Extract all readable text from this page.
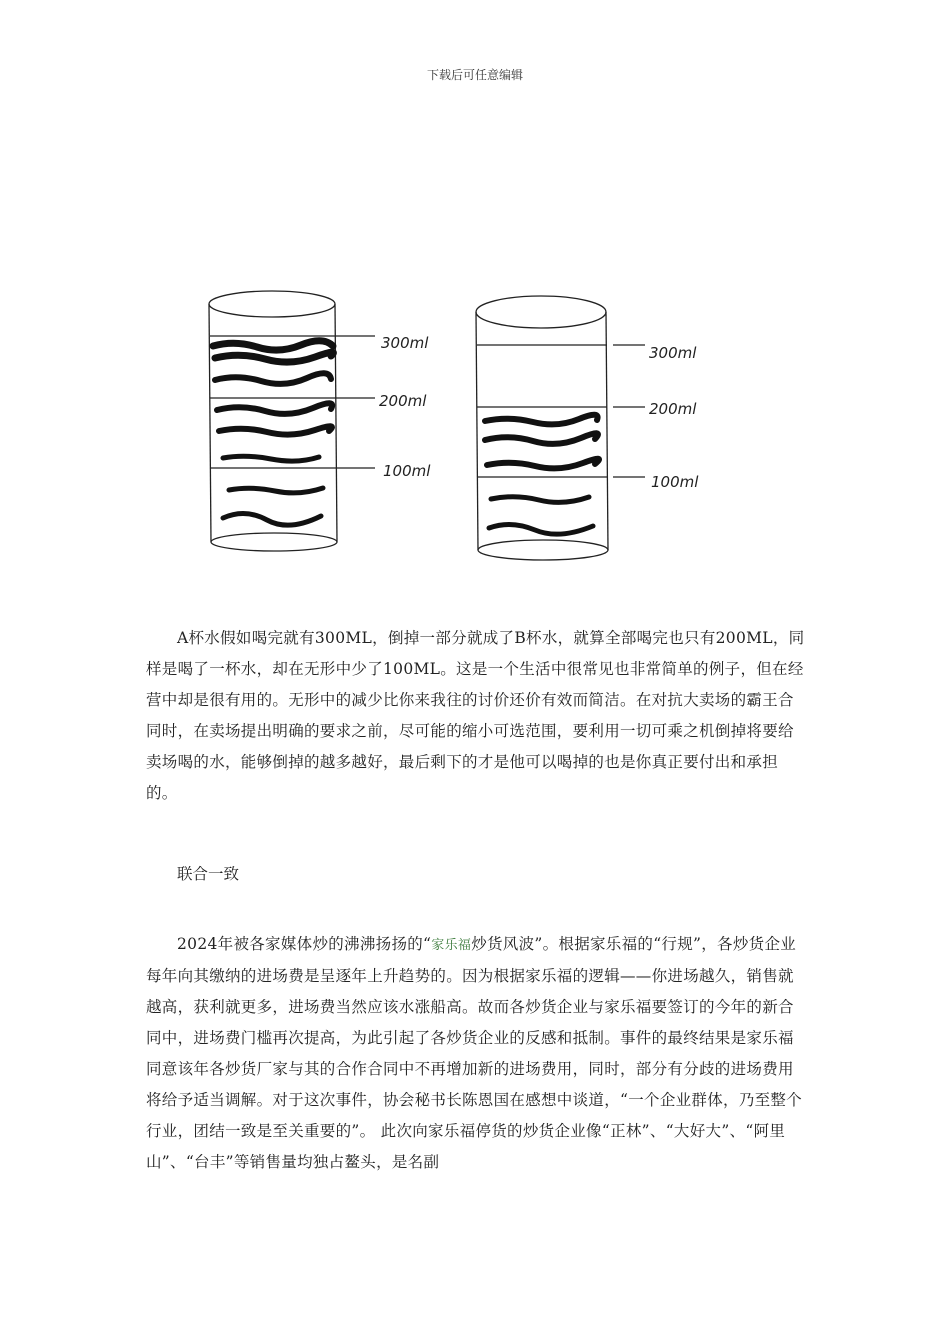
下载后可任意编辑
300ml
200ml
100ml
300ml
200ml
100ml

A杯水假如喝完就有300ML，倒掉一部分就成了B杯水，就算全部喝完也只有200ML，同样是喝了一杯水，却在无形中少了100ML。这是一个生活中很常见也非常简单的例子，但在经营中却是很有用的。无形中的减少比你来我往的讨价还价有效而简洁。在对抗大卖场的霸王合同时，在卖场提出明确的要求之前，尽可能的缩小可选范围，要利用一切可乘之机倒掉将要给卖场喝的水，能够倒掉的越多越好，最后剩下的才是他可以喝掉的也是你真正要付出和承担的。

联合一致

2024年被各家媒体炒的沸沸扬扬的“家乐福炒货风波”。根据家乐福的“行规”，各炒货企业每年向其缴纳的进场费是呈逐年上升趋势的。因为根据家乐福的逻辑——你进场越久，销售就越高，获利就更多，进场费当然应该水涨船高。故而各炒货企业与家乐福要签订的今年的新合同中，进场费门槛再次提高，为此引起了各炒货企业的反感和抵制。事件的最终结果是家乐福同意该年各炒货厂家与其的合作合同中不再增加新的进场费用，同时，部分有分歧的进场费用将给予适当调解。对于这次事件，协会秘书长陈恩国在感想中谈道，“一个企业群体，乃至整个行业，团结一致是至关重要的”。 此次向家乐福停货的炒货企业像“正林”、“大好大”、“阿里山”、“台丰”等销售量均独占鳌头，是名副
